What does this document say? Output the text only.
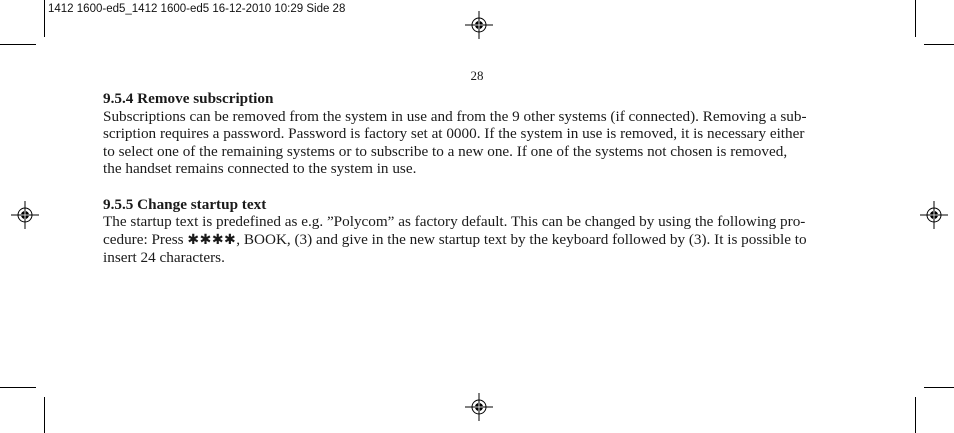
1412 1600-ed5_1412 1600-ed5 16-12-2010 10:29 Side 28
28
9.5.4 Remove subscription

Subscriptions can be removed from the system in use and from the 9 other systems (if connected). Removing a sub-
scription requires a password. Password is factory set at 0000. If the system in use is removed, it is necessary either
to select one of the remaining systems or to subscribe to a new one. If one of the systems not chosen is removed,
the handset remains connected to the system in use.

9.5.5 Change startup text

The startup text is predefined as e.g. ”Polycom” as factory default. This can be changed by using the following pro-
cedure: Press ✱✱✱✱, BOOK, (3) and give in the new startup text by the keyboard followed by (3). It is possible to
insert 24 characters.
